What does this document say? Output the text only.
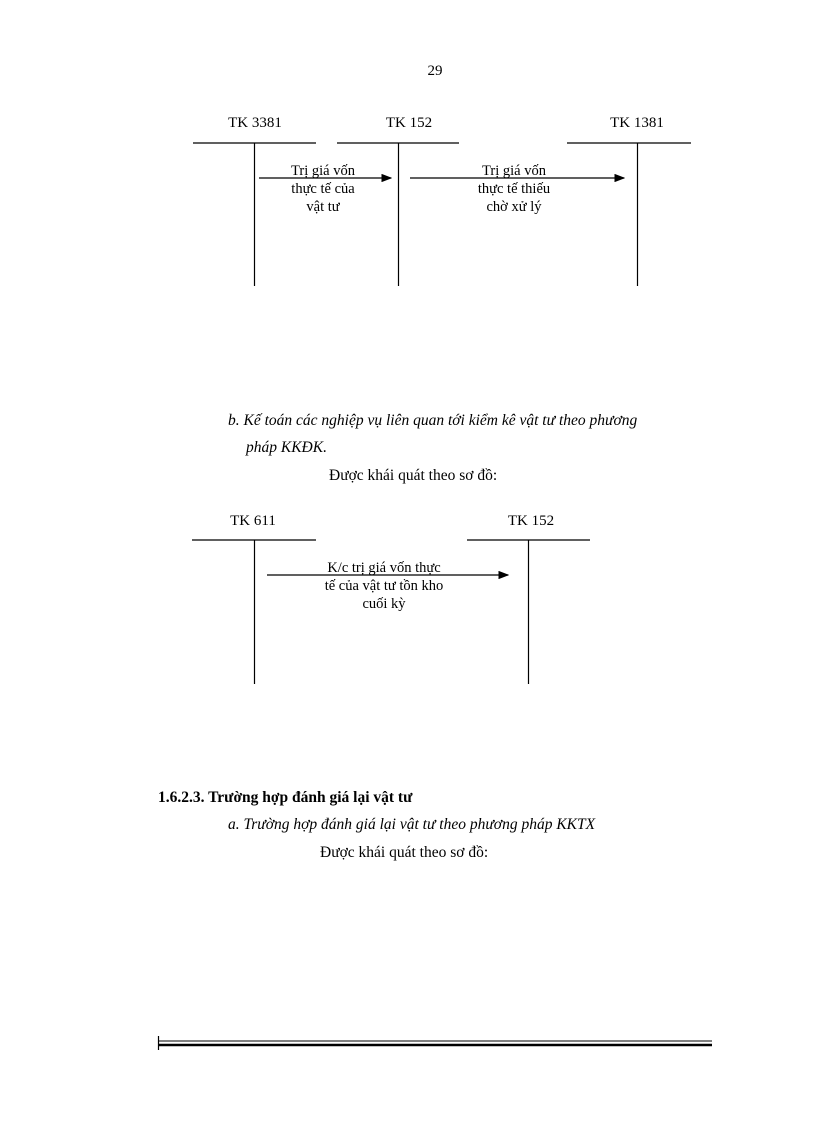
29
TK 3381	TK 152	TK 1381
Trị giá vốn
thực tế của
vật tư
Trị giá vốn
thực tế thiếu
chờ xử lý
b. Kế toán các nghiệp vụ liên quan tới kiểm kê vật tư theo phương
pháp KKĐK.
Được khái quát theo sơ đồ:
TK 611	TK 152
K/c trị giá vốn thực
tế của vật tư tồn kho
cuối kỳ
1.6.2.3. Trường hợp đánh giá lại vật tư
a. Trường hợp đánh giá lại vật tư theo phương pháp KKTX
Được khái quát theo sơ đồ:
